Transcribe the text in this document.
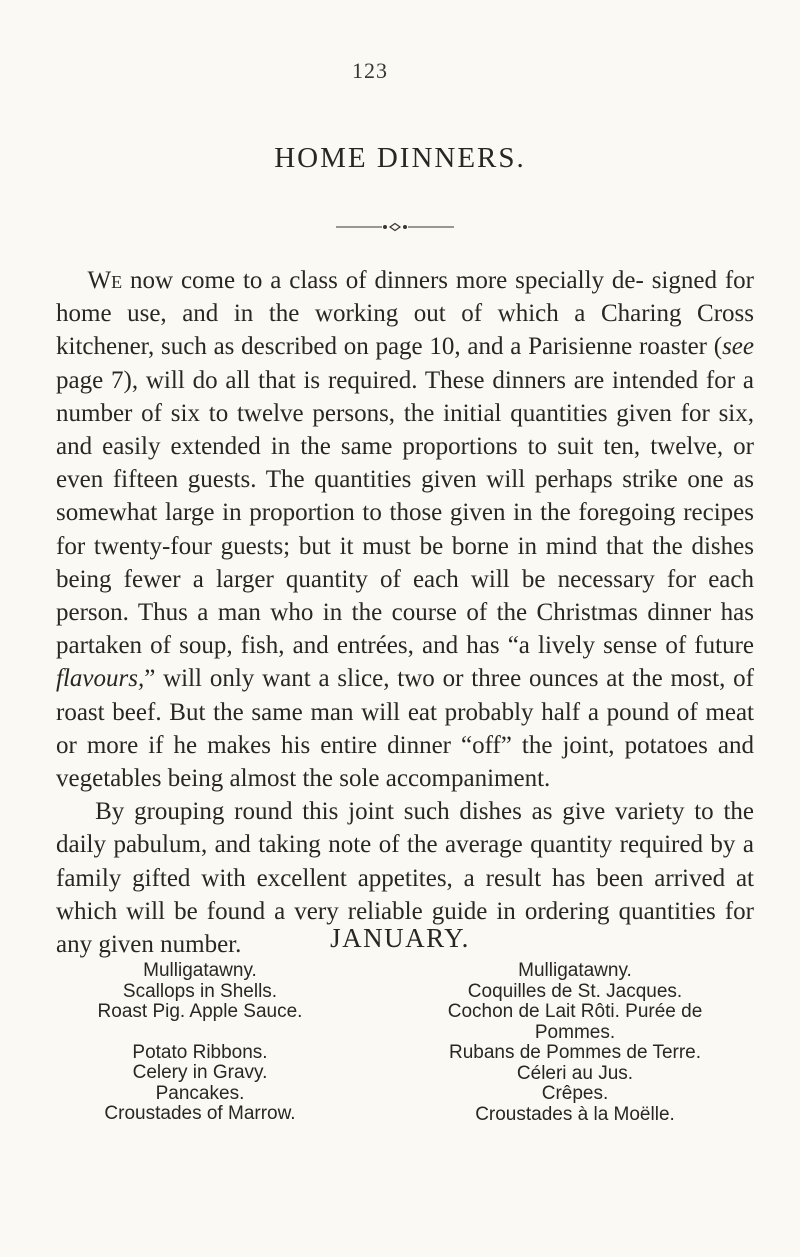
123
HOME DINNERS.

We now come to a class of dinners more specially de- signed for home use, and in the working out of which a Charing Cross kitchener, such as described on page 10, and a Parisienne roaster (see page 7), will do all that is required. These dinners are intended for a number of six to twelve persons, the initial quantities given for six, and easily extended in the same proportions to suit ten, twelve, or even fifteen guests. The quantities given will perhaps strike one as somewhat large in proportion to those given in the foregoing recipes for twenty-four guests; but it must be borne in mind that the dishes being fewer a larger quantity of each will be necessary for each person. Thus a man who in the course of the Christmas dinner has partaken of soup, fish, and entrées, and has “a lively sense of future flavours,” will only want a slice, two or three ounces at the most, of roast beef. But the same man will eat probably half a pound of meat or more if he makes his entire dinner “off” the joint, potatoes and vegetables being almost the sole accompaniment.

By grouping round this joint such dishes as give variety to the daily pabulum, and taking note of the average quantity required by a family gifted with excellent appetites, a result has been arrived at which will be found a very reliable guide in ordering quantities for any given number.	JANUARY.
Mulligatawny.
Scallops in Shells.
Roast Pig. Apple Sauce.
Potato Ribbons.
Celery in Gravy.
Pancakes.
Croustades of Marrow.
Mulligatawny.
Coquilles de St. Jacques.
Cochon de Lait Rôti. Purée de
Pommes.
Rubans de Pommes de Terre.
Céleri au Jus.
Crêpes.
Croustades à la Moëlle.
